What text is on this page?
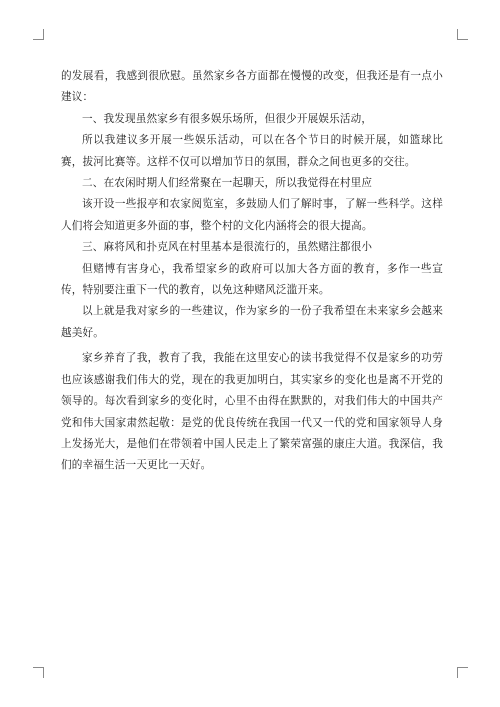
的发展看，我感到很欣慰。虽然家乡各方面都在慢慢的改变，但我还是有一点小建议：

一、我发现虽然家乡有很多娱乐场所，但很少开展娱乐活动，

所以我建议多开展一些娱乐活动，可以在各个节日的时候开展，如篮球比赛，拔河比赛等。这样不仅可以增加节日的氛围，群众之间也更多的交往。

二、在农闲时期人们经常聚在一起聊天，所以我觉得在村里应

该开设一些报亭和农家阅览室，多鼓励人们了解时事，了解一些科学。这样人们将会知道更多外面的事，整个村的文化内涵将会的很大提高。

三、麻将风和扑克风在村里基本是很流行的，虽然赌注都很小

但赌博有害身心，我希望家乡的政府可以加大各方面的教育，多作一些宣传，特别要注重下一代的教育，以免这种赌风泛滥开来。

以上就是我对家乡的一些建议，作为家乡的一份子我希望在未来家乡会越来越美好。

家乡养育了我，教育了我，我能在这里安心的读书我觉得不仅是家乡的功劳也应该感谢我们伟大的党，现在的我更加明白，其实家乡的变化也是离不开党的领导的。每次看到家乡的变化时，心里不由得在默默的，对我们伟大的中国共产党和伟大国家肃然起敬：是党的优良传统在我国一代又一代的党和国家领导人身上发扬光大，是他们在带领着中国人民走上了繁荣富强的康庄大道。我深信，我们的幸福生活一天更比一天好。
